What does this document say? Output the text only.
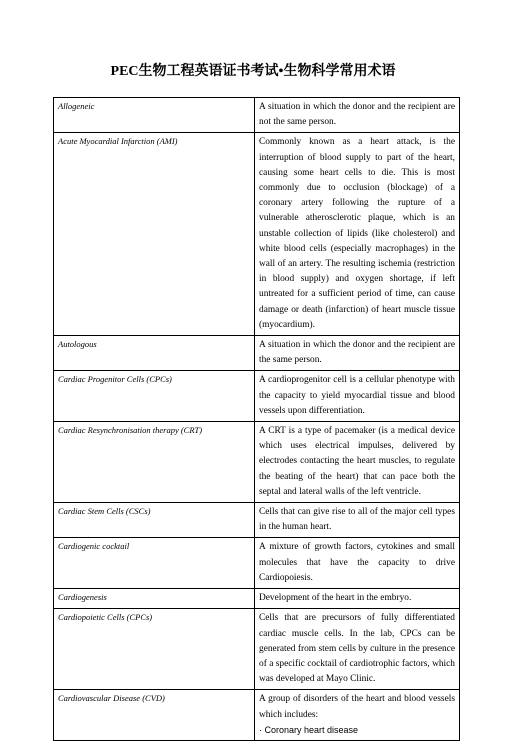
PEC生物工程英语证书考试•生物科学常用术语
Allogeneic	A situation in which the donor and the recipient are not the same person.
Acute Myocardial Infarction (AMI)	Commonly known as a heart attack, is the interruption of blood supply to part of the heart, causing some heart cells to die. This is most commonly due to occlusion (blockage) of a coronary artery following the rupture of a vulnerable atherosclerotic plaque, which is an unstable collection of lipids (like cholesterol) and white blood cells (especially macrophages) in the wall of an artery. The resulting ischemia (restriction in blood supply) and oxygen shortage, if left untreated for a sufficient period of time, can cause damage or death (infarction) of heart muscle tissue (myocardium).
Autologous	A situation in which the donor and the recipient are the same person.
Cardiac Progenitor Cells (CPCs)	A cardioprogenitor cell is a cellular phenotype with the capacity to yield myocardial tissue and blood vessels upon differentiation.
Cardiac Resynchronisation therapy (CRT)	A CRT is a type of pacemaker (is a medical device which uses electrical impulses, delivered by electrodes contacting the heart muscles, to regulate the beating of the heart) that can pace both the septal and lateral walls of the left ventricle.
Cardiac Stem Cells (CSCs)	Cells that can give rise to all of the major cell types in the human heart.
Cardiogenic cocktail	A mixture of growth factors, cytokines and small molecules that have the capacity to drive Cardiopoiesis.
Cardiogenesis	Development of the heart in the embryo.
Cardiopoietic Cells (CPCs)	Cells that are precursors of fully differentiated cardiac muscle cells. In the lab, CPCs can be generated from stem cells by culture in the presence of a specific cocktail of cardiotrophic factors, which was developed at Mayo Clinic.
Cardiovascular Disease (CVD)	A group of disorders of the heart and blood vessels which includes:
· Coronary heart disease
